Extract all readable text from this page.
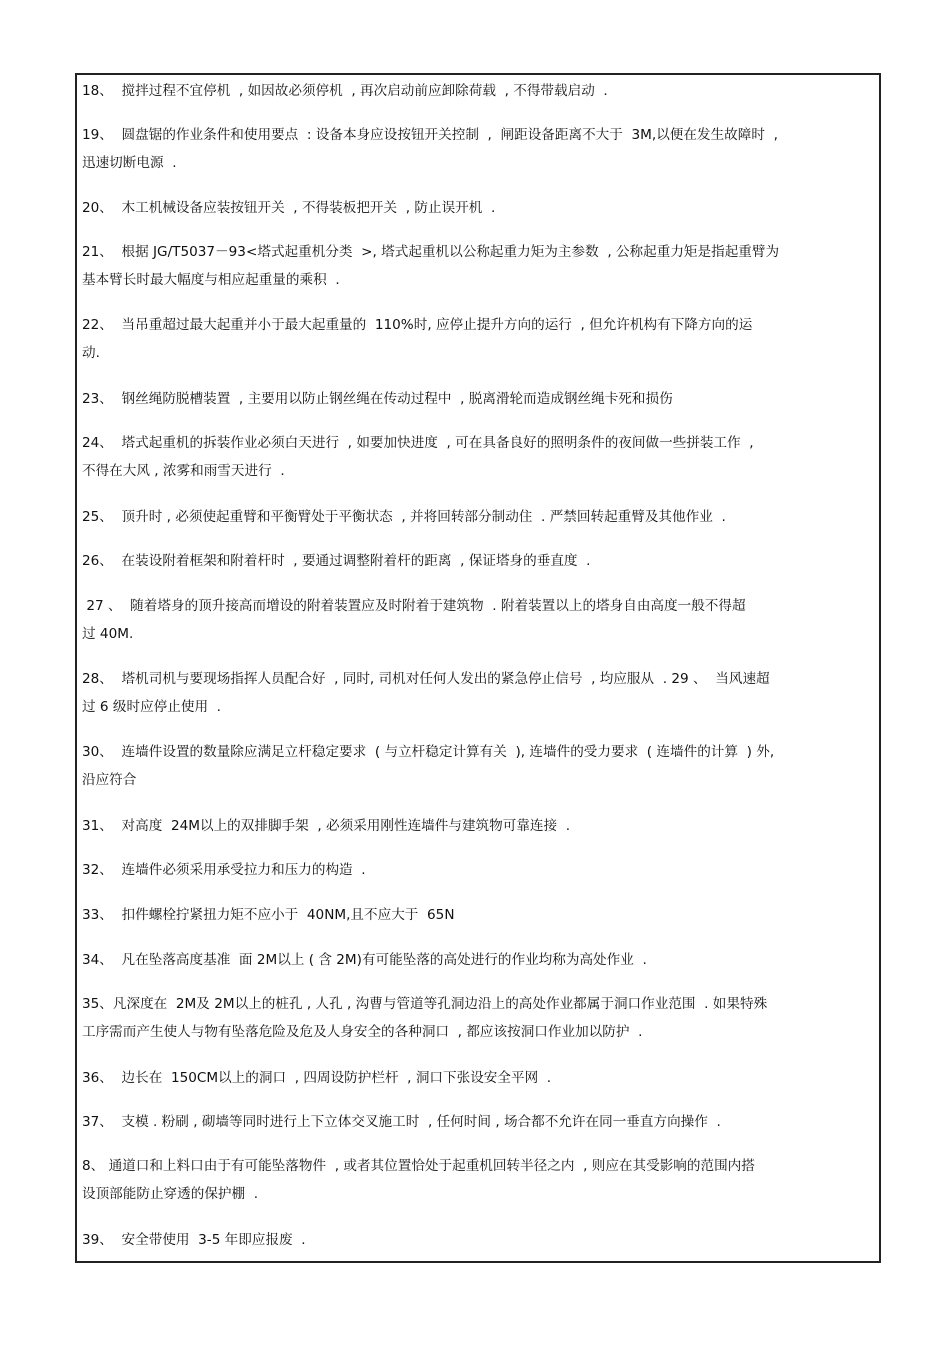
18、  搅拌过程不宜停机  , 如因故必须停机  , 再次启动前应卸除荷载  , 不得带载启动  .
19、  圆盘锯的作业条件和使用要点  : 设备本身应设按钮开关控制  ,  闸距设备距离不大于  3M,以便在发生故障时  ,
迅速切断电源  .
20、  木工机械设备应装按钮开关  , 不得装板把开关  , 防止误开机  .
21、  根据 JG/T5037－93<塔式起重机分类  >, 塔式起重机以公称起重力矩为主参数  , 公称起重力矩是指起重臂为
基本臂长时最大幅度与相应起重量的乘积  .
22、  当吊重超过最大起重并小于最大起重量的  110%时, 应停止提升方向的运行  , 但允许机构有下降方向的运
动.
23、  钢丝绳防脱槽装置  , 主要用以防止钢丝绳在传动过程中  , 脱离滑轮而造成钢丝绳卡死和损伤
24、  塔式起重机的拆装作业必须白天进行  , 如要加快进度  , 可在具备良好的照明条件的夜间做一些拼装工作  ,
不得在大风 , 浓雾和雨雪天进行  .
25、  顶升时 , 必须使起重臂和平衡臂处于平衡状态  , 并将回转部分制动住  . 严禁回转起重臂及其他作业  .
26、  在装设附着框架和附着杆时  , 要通过调整附着杆的距离  , 保证塔身的垂直度  .
27 、  随着塔身的顶升接高而增设的附着装置应及时附着于建筑物  . 附着装置以上的塔身自由高度一般不得超
过 40M.
28、  塔机司机与要现场指挥人员配合好  , 同时, 司机对任何人发出的紧急停止信号  , 均应服从  . 29 、  当风速超
过 6 级时应停止使用  .
30、  连墙件设置的数量除应满足立杆稳定要求  ( 与立杆稳定计算有关  ), 连墙件的受力要求  ( 连墙件的计算  ) 外,
沿应符合
31、  对高度  24M以上的双排脚手架  , 必须采用刚性连墙件与建筑物可靠连接  .
32、  连墙件必须采用承受拉力和压力的构造  .
33、  扣件螺栓拧紧扭力矩不应小于  40NM,且不应大于  65N
34、  凡在坠落高度基准  面 2M以上 ( 含 2M)有可能坠落的高处进行的作业均称为高处作业  .
35、凡深度在  2M及 2M以上的桩孔 , 人孔 , 沟曹与管道等孔洞边沿上的高处作业都属于洞口作业范围  . 如果特殊
工序需而产生使人与物有坠落危险及危及人身安全的各种洞口  , 都应该按洞口作业加以防护  .
36、  边长在  150CM以上的洞口  , 四周设防护栏杆  , 洞口下张设安全平网  .
37、  支模 . 粉刷 , 砌墙等同时进行上下立体交叉施工时  , 任何时间 , 场合都不允许在同一垂直方向操作  .
8、 通道口和上料口由于有可能坠落物件  , 或者其位置恰处于起重机回转半径之内  , 则应在其受影响的范围内搭
设顶部能防止穿透的保护棚  .
39、  安全带使用  3-5 年即应报废  .
